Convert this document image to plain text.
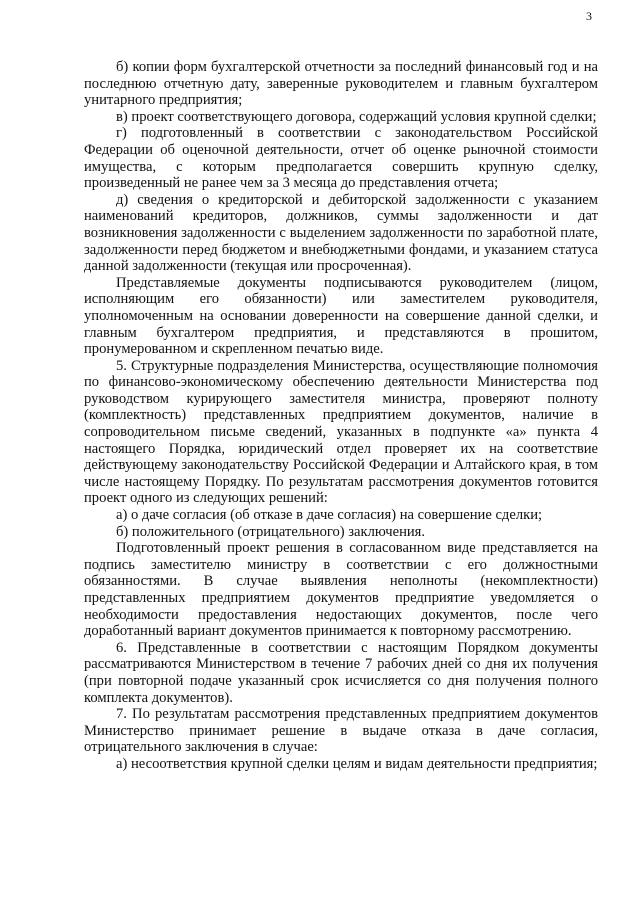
3

б) копии форм бухгалтерской отчетности за последний финансовый год и на последнюю отчетную дату, заверенные руководителем и главным бухгалтером унитарного предприятия;

в) проект соответствующего договора, содержащий условия крупной сделки;

г) подготовленный в соответствии с законодательством Российской Федерации об оценочной деятельности, отчет об оценке рыночной стоимости имущества, с которым предполагается совершить крупную сделку, произведенный не ранее чем за 3 месяца до представления отчета;

д) сведения о кредиторской и дебиторской задолженности с указанием наименований кредиторов, должников, суммы задолженности и дат возникновения задолженности с выделением задолженности по заработной плате, задолженности перед бюджетом и внебюджетными фондами, и указанием статуса данной задолженности (текущая или просроченная).

Представляемые документы подписываются руководителем (лицом, исполняющим его обязанности) или заместителем руководителя, уполномоченным на основании доверенности на совершение данной сделки, и главным бухгалтером предприятия, и представляются в прошитом, пронумерованном и скрепленном печатью виде.

5. Структурные подразделения Министерства, осуществляющие полномочия по финансово-экономическому обеспечению деятельности Министерства под руководством курирующего заместителя министра, проверяют полноту (комплектность) представленных предприятием документов, наличие в сопроводительном письме сведений, указанных в подпункте «а» пункта 4 настоящего Порядка, юридический отдел проверяет их на соответствие действующему законодательству Российской Федерации и Алтайского края, в том числе настоящему Порядку. По результатам рассмотрения документов готовится проект одного из следующих решений:

а) о даче согласия (об отказе в даче согласия) на совершение сделки;

б) положительного (отрицательного) заключения.

Подготовленный проект решения в согласованном виде представляется на подпись заместителю министру в соответствии с его должностными обязанностями. В случае выявления неполноты (некомплектности) представленных предприятием документов предприятие уведомляется о необходимости предоставления недостающих документов, после чего доработанный вариант документов принимается к повторному рассмотрению.

6. Представленные в соответствии с настоящим Порядком документы рассматриваются Министерством в течение 7 рабочих дней со дня их получения (при повторной подаче указанный срок исчисляется со дня получения полного комплекта документов).

7. По результатам рассмотрения представленных предприятием документов Министерство принимает решение в выдаче отказа в даче согласия, отрицательного заключения в случае:

а) несоответствия крупной сделки целям и видам деятельности предприятия;
